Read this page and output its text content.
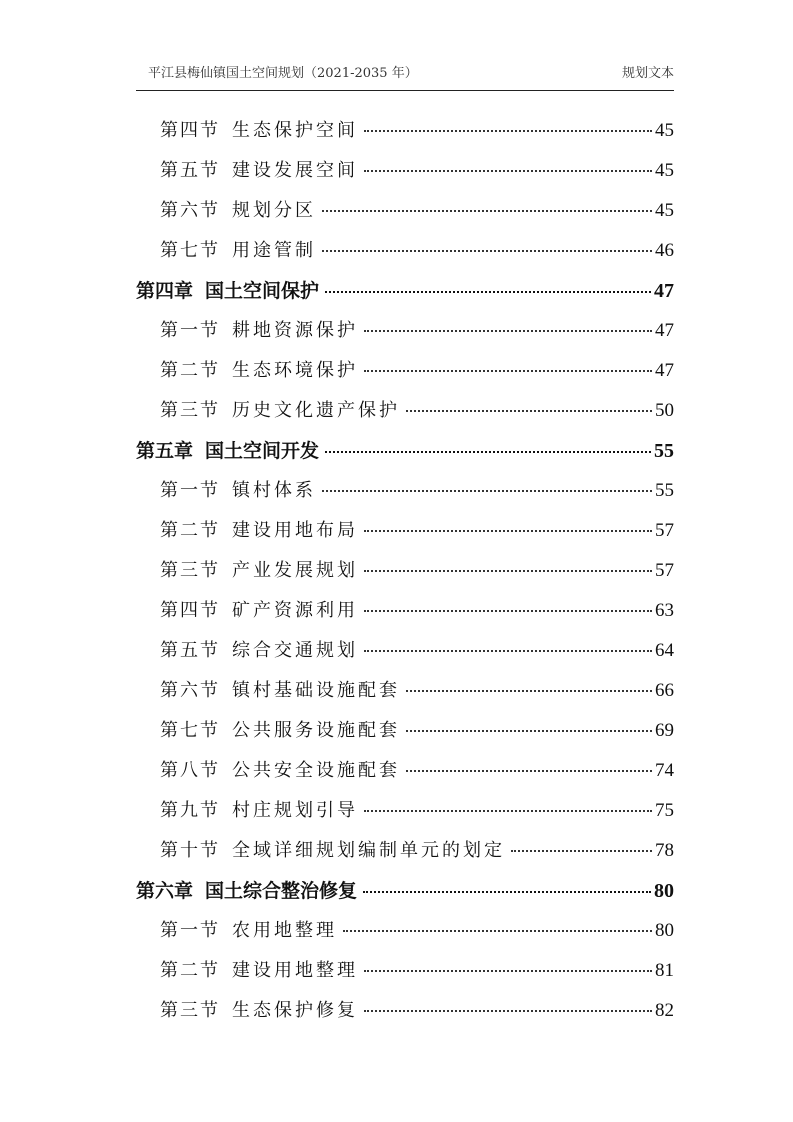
平江县梅仙镇国土空间规划（2021-2035 年）	规划文本
第四节 生态保护空间	45
第五节 建设发展空间	45
第六节 规划分区	45
第七节 用途管制	46
第四章 国土空间保护	47
第一节 耕地资源保护	47
第二节 生态环境保护	47
第三节 历史文化遗产保护	50
第五章 国土空间开发	55
第一节 镇村体系	55
第二节 建设用地布局	57
第三节 产业发展规划	57
第四节 矿产资源利用	63
第五节 综合交通规划	64
第六节 镇村基础设施配套	66
第七节 公共服务设施配套	69
第八节 公共安全设施配套	74
第九节 村庄规划引导	75
第十节 全域详细规划编制单元的划定	78
第六章 国土综合整治修复	80
第一节 农用地整理	80
第二节 建设用地整理	81
第三节 生态保护修复	82
